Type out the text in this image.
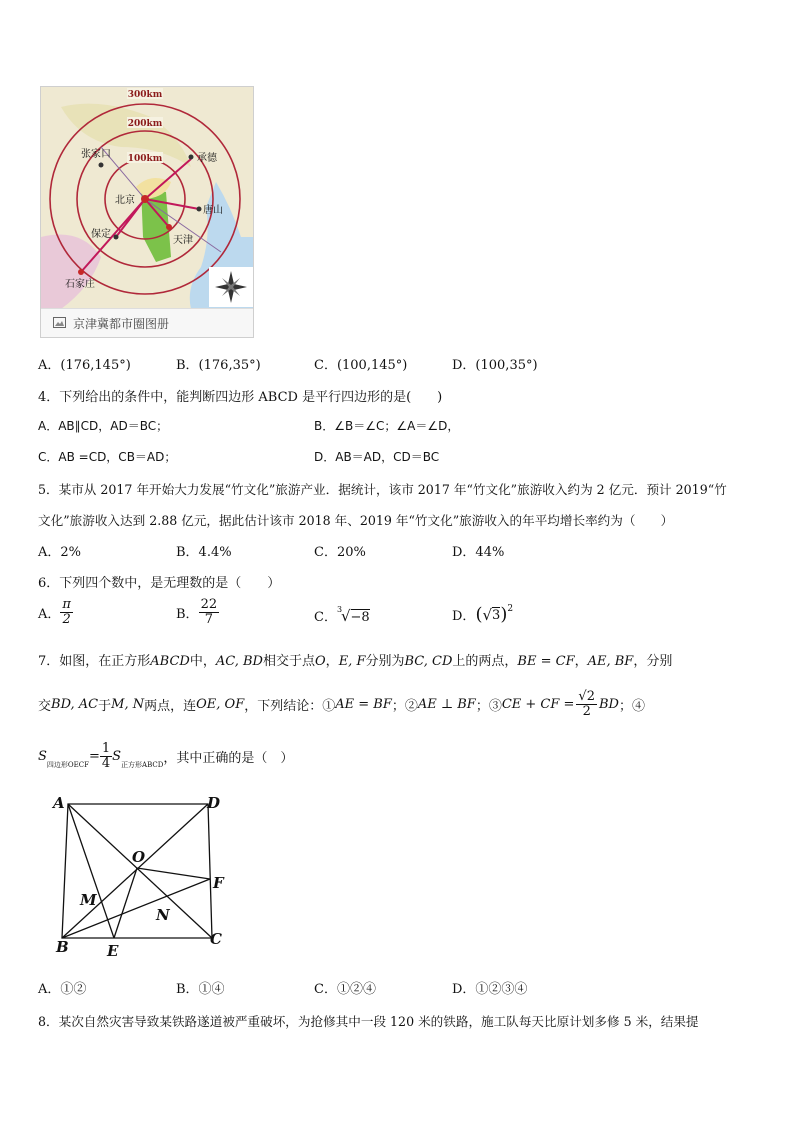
300km
200km
100km
张家口	承德
北京
唐山
保定
天津
石家庄
京津冀都市圈图册
A．(176,145°)	B．(176,35°)	C．(100,145°)	D．(100,35°)
4．下列给出的条件中，能判断四边形 ABCD 是平行四边形的是(　　)
A．AB∥CD，AD＝BC；	B．∠B＝∠C；∠A＝∠D，
C．AB =CD，CB＝AD；	D．AB＝AD，CD＝BC
5．某市从 2017 年开始大力发展“竹文化”旅游产业．据统计，该市 2017 年“竹文化”旅游收入约为 2 亿元．预计 2019“竹
文化”旅游收入达到 2.88 亿元，据此估计该市 2018 年、2019 年“竹文化”旅游收入的年平均增长率约为（　　）
A．2%	B．4.4%	C．20%	D．44%
6．下列四个数中，是无理数的是（　　）
A． $\frac{\pi}{2}$	B． $\frac{22}{7}$	C．
3
√−8	D． ( √ 3 )$^2$
7．如图，在正方形ABCD中，AC, BD相交于点O，E, F分别为BC, CD上的两点，BE = CF，AE, BF，分别
交 BD, AC 于 M, N 两点，连 OE, OF ，下列结论：① AE = BF ；② AE ⊥ BF ；③ CE + CF = $\frac{√2}{2}$ BD ；④
S
$_{四边形OECF}$
= $\frac{1}{4}$ S
$_{正方形ABCD}$ ，其中正确的是（　）
A	D
O
F
M
N
B	E
C
A．①②	B．①④	C．①②④	D．①②③④
8．某次自然灾害导致某铁路遂道被严重破坏，为抢修其中一段 120 米的铁路，施工队每天比原计划多修 5 米，结果提
